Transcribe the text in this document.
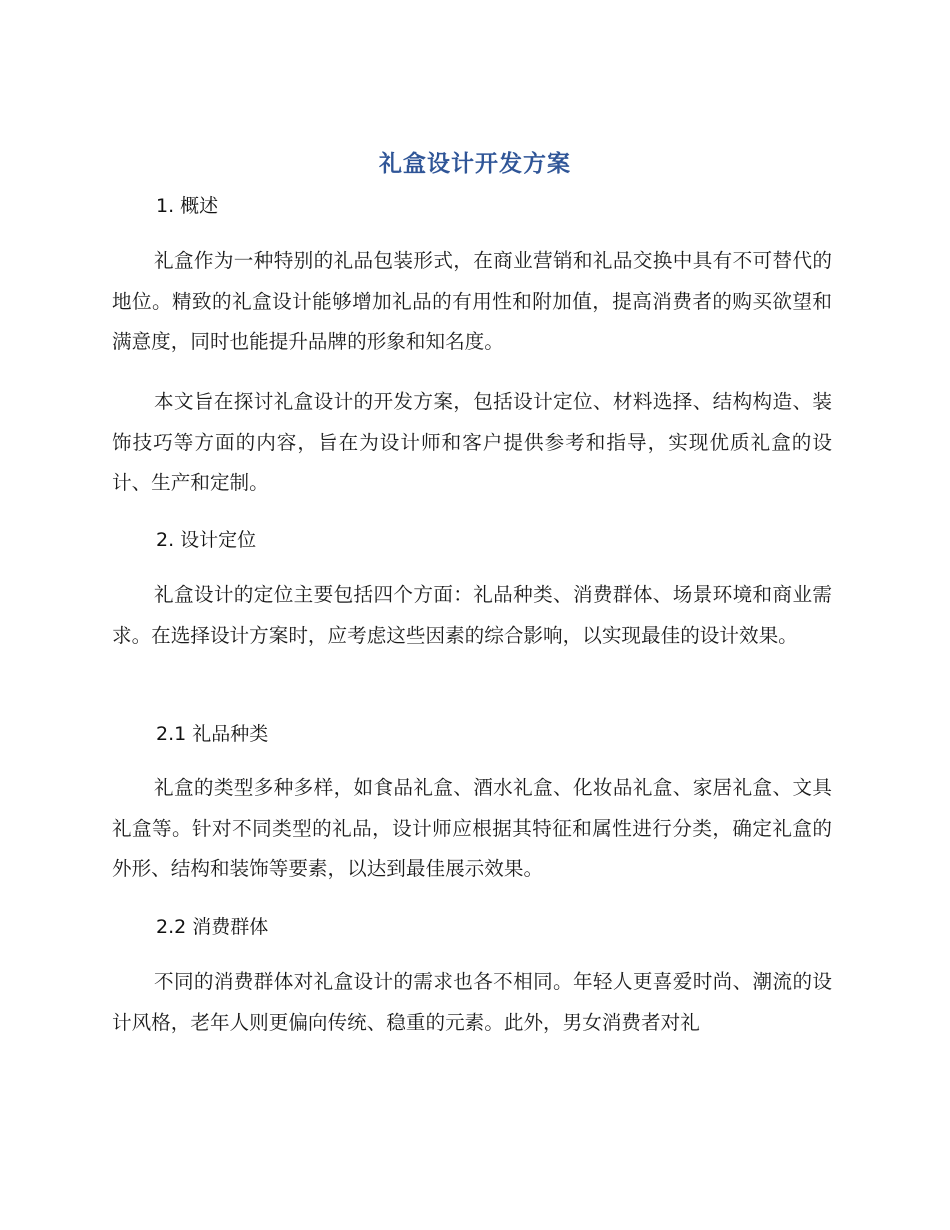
礼盒设计开发方案
1. 概述

礼盒作为一种特别的礼品包装形式，在商业营销和礼品交换中具有不可替代的地位。精致的礼盒设计能够增加礼品的有用性和附加值，提高消费者的购买欲望和满意度，同时也能提升品牌的形象和知名度。

本文旨在探讨礼盒设计的开发方案，包括设计定位、材料选择、结构构造、装饰技巧等方面的内容，旨在为设计师和客户提供参考和指导，实现优质礼盒的设计、生产和定制。

2. 设计定位

礼盒设计的定位主要包括四个方面：礼品种类、消费群体、场景环境和商业需求。在选择设计方案时，应考虑这些因素的综合影响，以实现最佳的设计效果。

2.1 礼品种类

礼盒的类型多种多样，如食品礼盒、酒水礼盒、化妆品礼盒、家居礼盒、文具礼盒等。针对不同类型的礼品，设计师应根据其特征和属性进行分类，确定礼盒的外形、结构和装饰等要素，以达到最佳展示效果。

2.2 消费群体

不同的消费群体对礼盒设计的需求也各不相同。年轻人更喜爱时尚、潮流的设计风格，老年人则更偏向传统、稳重的元素。此外，男女消费者对礼
